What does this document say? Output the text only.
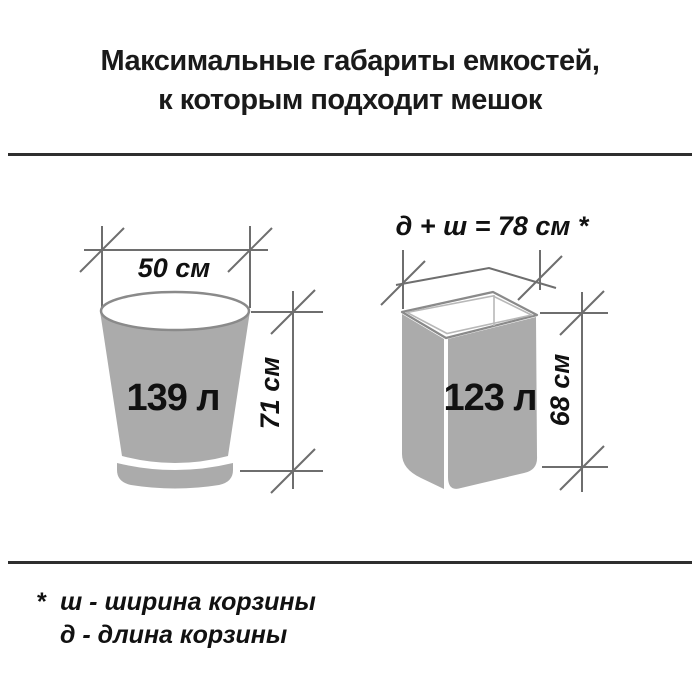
Максимальные габариты емкостей,
к которым подходит мешок
50 см
139 л	71 см
д + ш = 78 см *
123 л 68 см
* ш - ширина корзины
д - длина корзины
